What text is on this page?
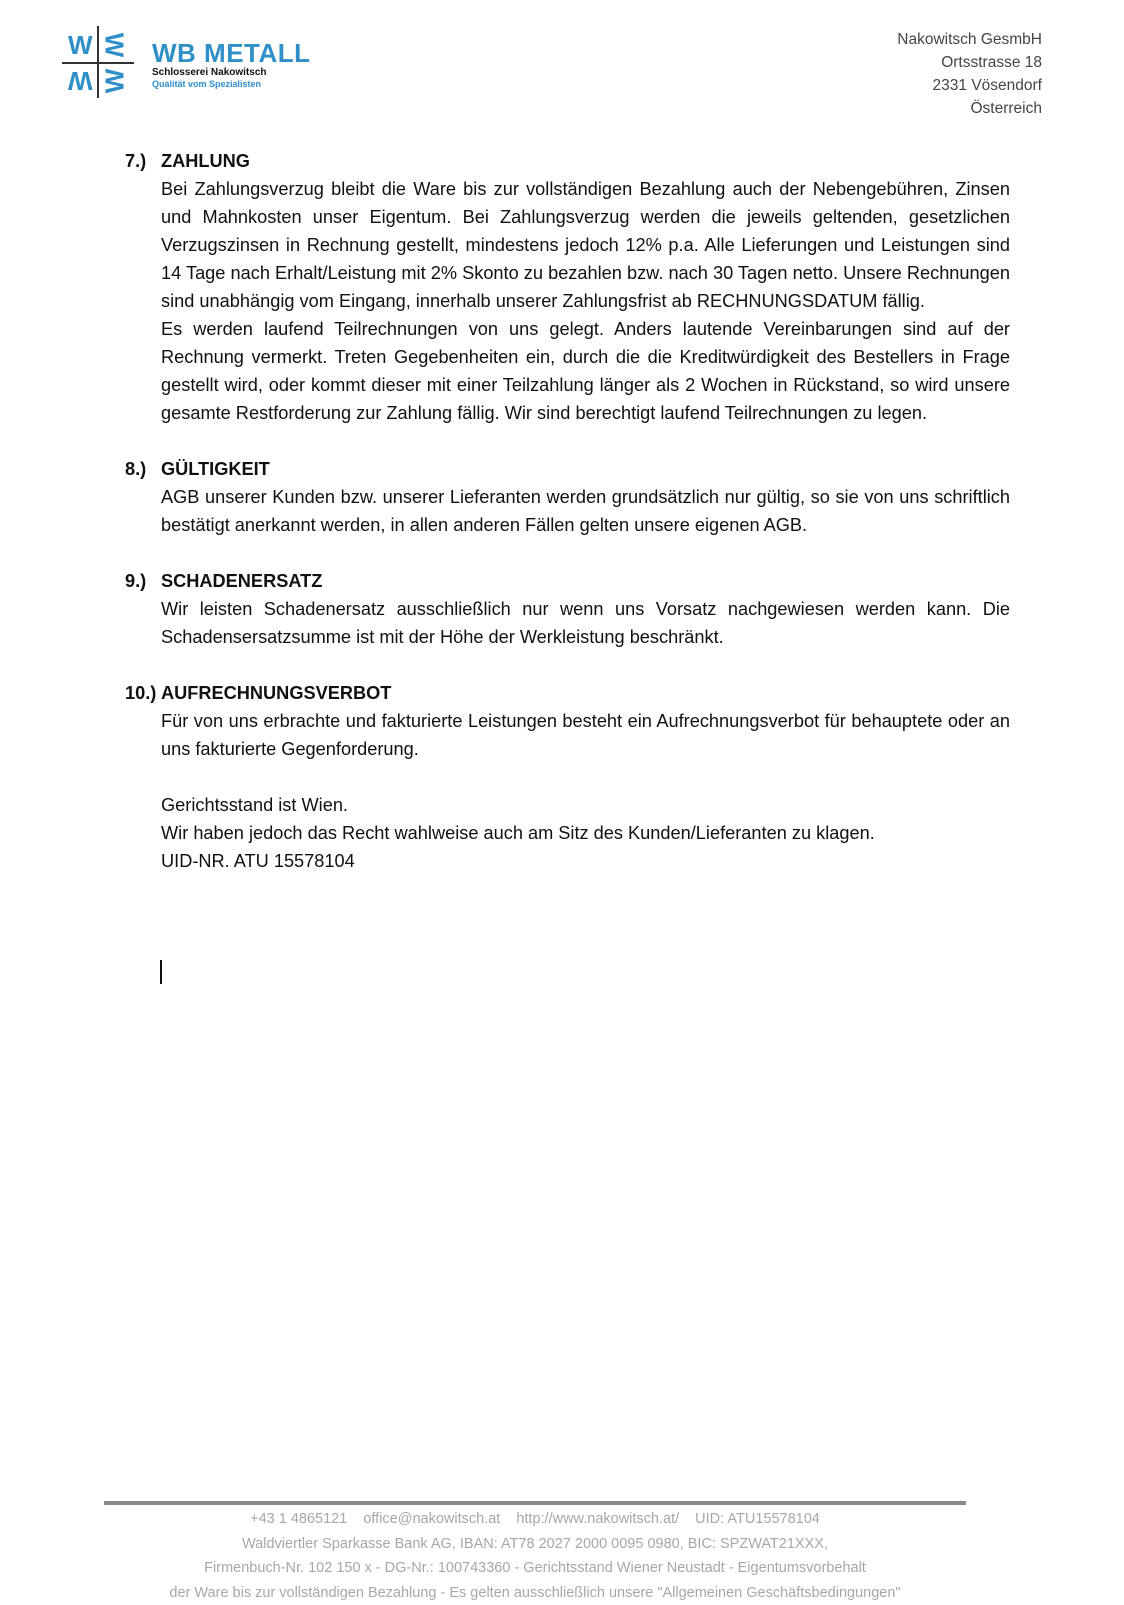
W W
W W
WB METALL
Schlosserei Nakowitsch
Qualität vom Spezialisten
Nakowitsch GesmbH
Ortsstrasse 18
2331 Vösendorf
Österreich
7.) ZAHLUNG

Bei Zahlungsverzug bleibt die Ware bis zur vollständigen Bezahlung auch der Nebengebühren, Zinsen und Mahnkosten unser Eigentum. Bei Zahlungsverzug werden die jeweils geltenden, gesetzlichen Verzugszinsen in Rechnung gestellt, mindestens jedoch 12% p.a. Alle Lieferungen und Leistungen sind 14 Tage nach Erhalt/Leistung mit 2% Skonto zu bezahlen bzw. nach 30 Tagen netto. Unsere Rechnungen sind unabhängig vom Eingang, innerhalb unserer Zahlungsfrist ab RECHNUNGSDATUM fällig.

Es werden laufend Teilrechnungen von uns gelegt. Anders lautende Vereinbarungen sind auf der Rechnung vermerkt. Treten Gegebenheiten ein, durch die die Kreditwürdigkeit des Bestellers in Frage gestellt wird, oder kommt dieser mit einer Teilzahlung länger als 2 Wochen in Rückstand, so wird unsere gesamte Restforderung zur Zahlung fällig. Wir sind berechtigt laufend Teilrechnungen zu legen.

8.) GÜLTIGKEIT

AGB unserer Kunden bzw. unserer Lieferanten werden grundsätzlich nur gültig, so sie von uns schriftlich bestätigt anerkannt werden, in allen anderen Fällen gelten unsere eigenen AGB.

9.) SCHADENERSATZ

Wir leisten Schadenersatz ausschließlich nur wenn uns Vorsatz nachgewiesen werden kann. Die Schadensersatzsumme ist mit der Höhe der Werkleistung beschränkt.

10.) AUFRECHNUNGSVERBOT

Für von uns erbrachte und fakturierte Leistungen besteht ein Aufrechnungsverbot für behauptete oder an uns fakturierte Gegenforderung.

Gerichtsstand ist Wien.

Wir haben jedoch das Recht wahlweise auch am Sitz des Kunden/Lieferanten zu klagen.

UID-NR. ATU 15578104

+43 1 4865121 office@nakowitsch.at http://www.nakowitsch.at/ UID: ATU15578104
Waldviertler Sparkasse Bank AG, IBAN: AT78 2027 2000 0095 0980, BIC: SPZWAT21XXX,
Firmenbuch-Nr. 102 150 x - DG-Nr.: 100743360 - Gerichtsstand Wiener Neustadt - Eigentumsvorbehalt
der Ware bis zur vollständigen Bezahlung - Es gelten ausschließlich unsere "Allgemeinen Geschäftsbedingungen"
